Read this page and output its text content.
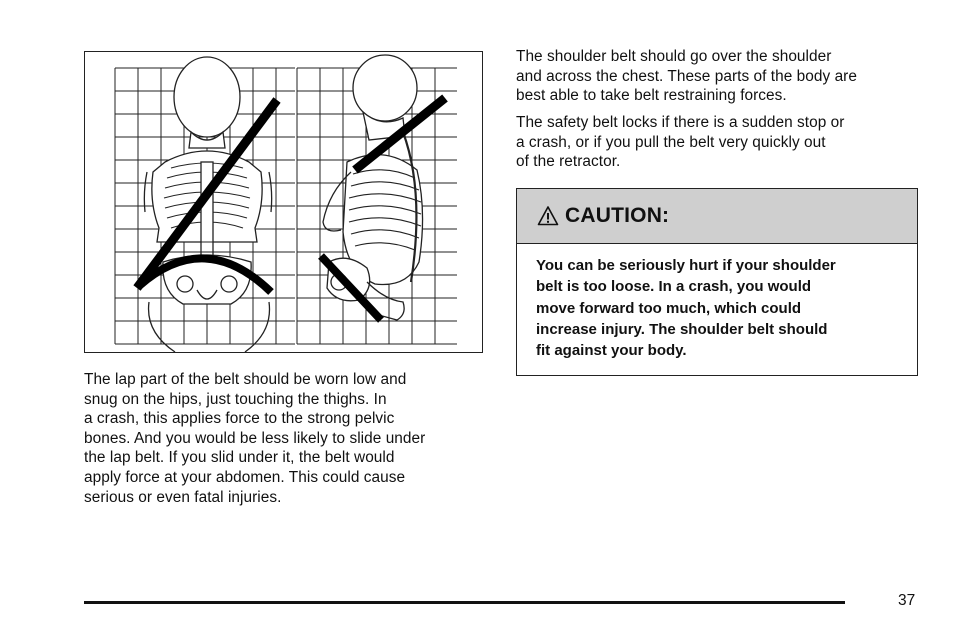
The lap part of the belt should be worn low and
snug on the hips, just touching the thighs. In
a crash, this applies force to the strong pelvic
bones. And you would be less likely to slide under
the lap belt. If you slid under it, the belt would
apply force at your abdomen. This could cause
serious or even fatal injuries.

The shoulder belt should go over the shoulder
and across the chest. These parts of the body are
best able to take belt restraining forces.

The safety belt locks if there is a sudden stop or
a crash, or if you pull the belt very quickly out
of the retractor.

CAUTION:
You can be seriously hurt if your shoulder
belt is too loose. In a crash, you would
move forward too much, which could
increase injury. The shoulder belt should
fit against your body.
37
